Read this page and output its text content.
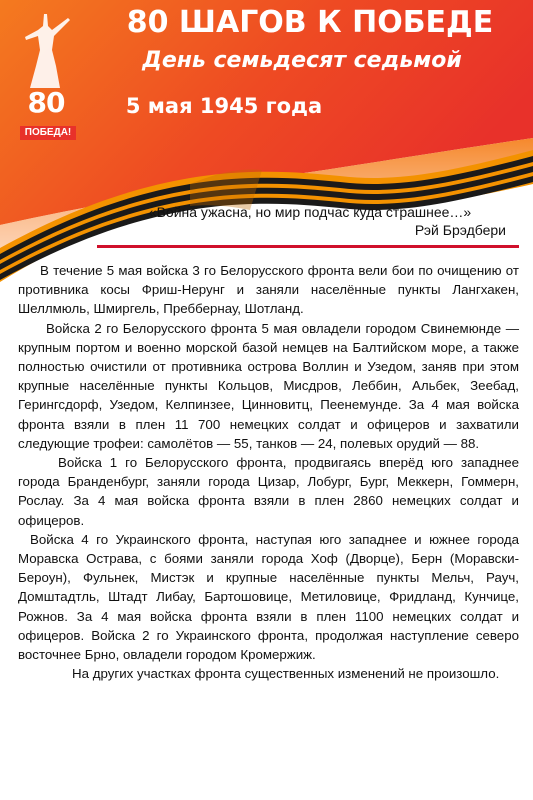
80
ПОБЕДА!
80 ШАГОВ К ПОБЕДЕ
День семьдесят седьмой
5 мая 1945 года
«Война ужасна, но мир подчас куда страшнее…»
Рэй Брэдбери

В течение 5 мая войска 3 го Белорусского фронта вели бои по очищению от противника косы Фриш-Нерунг и заняли населённые пункты Лангхакен, Шеллмюль, Шмиргель, Преббернау, Шотланд.

Войска 2 го Белорусского фронта 5 мая овладели городом Свинемюнде — крупным портом и военно морской базой немцев на Балтийском море, а также полностью очистили от противника острова Воллин и Узедом, заняв при этом крупные населённые пункты Кольцов, Мисдров, Леббин, Альбек, Зеебад, Герингсдорф, Узедом, Келпинзее, Цинновитц, Пеенемунде. За 4 мая войска фронта взяли в плен 11 700 немецких солдат и офицеров и захватили следующие трофеи: самолётов — 55, танков — 24, полевых орудий — 88.

Войска 1 го Белорусского фронта, продвигаясь вперёд юго западнее города Бранденбург, заняли города Цизар, Лобург, Бург, Меккерн, Гоммерн, Рослау. За 4 мая войска фронта взяли в плен 2860 немецких солдат и офицеров.

Войска 4 го Украинского фронта, наступая юго западнее и южнее города Моравска Острава, с боями заняли города Хоф (Дворце), Берн (Моравски-Бероун), Фульнек, Мистэк и крупные населённые пункты Мельч, Рауч, Домштадтль, Штадт Либау, Бартошовице, Метиловице, Фридланд, Кунчице, Рожнов. За 4 мая войска фронта взяли в плен 1100 немецких солдат и офицеров. Войска 2 го Украинского фронта, продолжая наступление северо восточнее Брно, овладели городом Кромержиж.

На других участках фронта существенных изменений не произошло.
